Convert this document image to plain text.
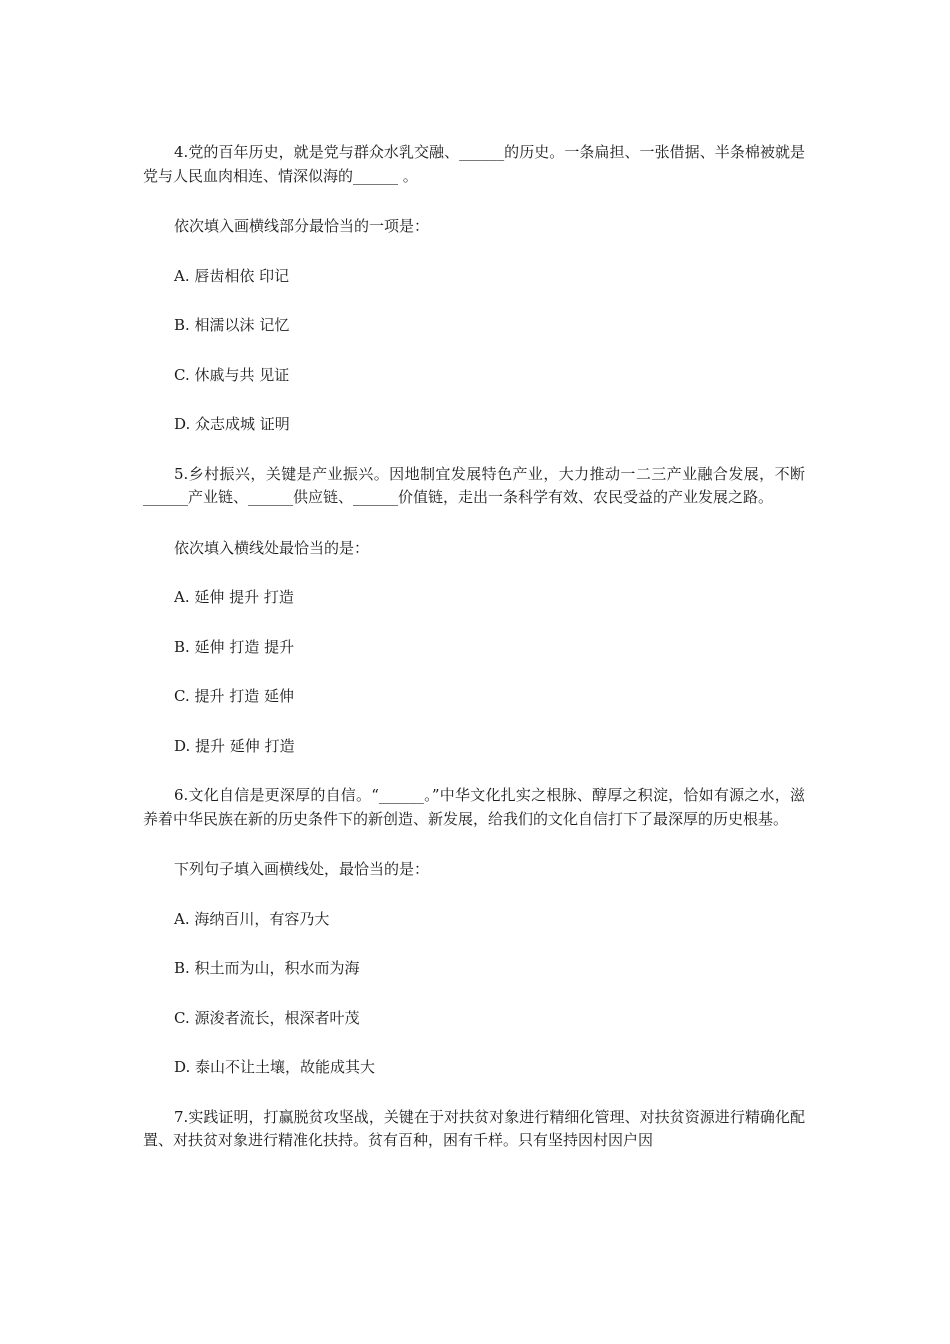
4.党的百年历史，就是党与群众水乳交融、______的历史。一条扁担、一张借据、半条棉被就是党与人民血肉相连、情深似海的______ 。

依次填入画横线部分最恰当的一项是：

A. 唇齿相依 印记

B. 相濡以沫 记忆

C. 休戚与共 见证

D. 众志成城 证明

5.乡村振兴，关键是产业振兴。因地制宜发展特色产业，大力推动一二三产业融合发展，不断______产业链、______供应链、______价值链，走出一条科学有效、农民受益的产业发展之路。

依次填入横线处最恰当的是：

A. 延伸 提升 打造

B. 延伸 打造 提升

C. 提升 打造 延伸

D. 提升 延伸 打造

6.文化自信是更深厚的自信。“______。”中华文化扎实之根脉、醇厚之积淀，恰如有源之水，滋养着中华民族在新的历史条件下的新创造、新发展，给我们的文化自信打下了最深厚的历史根基。

下列句子填入画横线处，最恰当的是：

A. 海纳百川，有容乃大

B. 积土而为山，积水而为海

C. 源浚者流长，根深者叶茂

D. 泰山不让土壤，故能成其大

7.实践证明，打赢脱贫攻坚战，关键在于对扶贫对象进行精细化管理、对扶贫资源进行精确化配置、对扶贫对象进行精准化扶持。贫有百种，困有千样。只有坚持因村因户因
